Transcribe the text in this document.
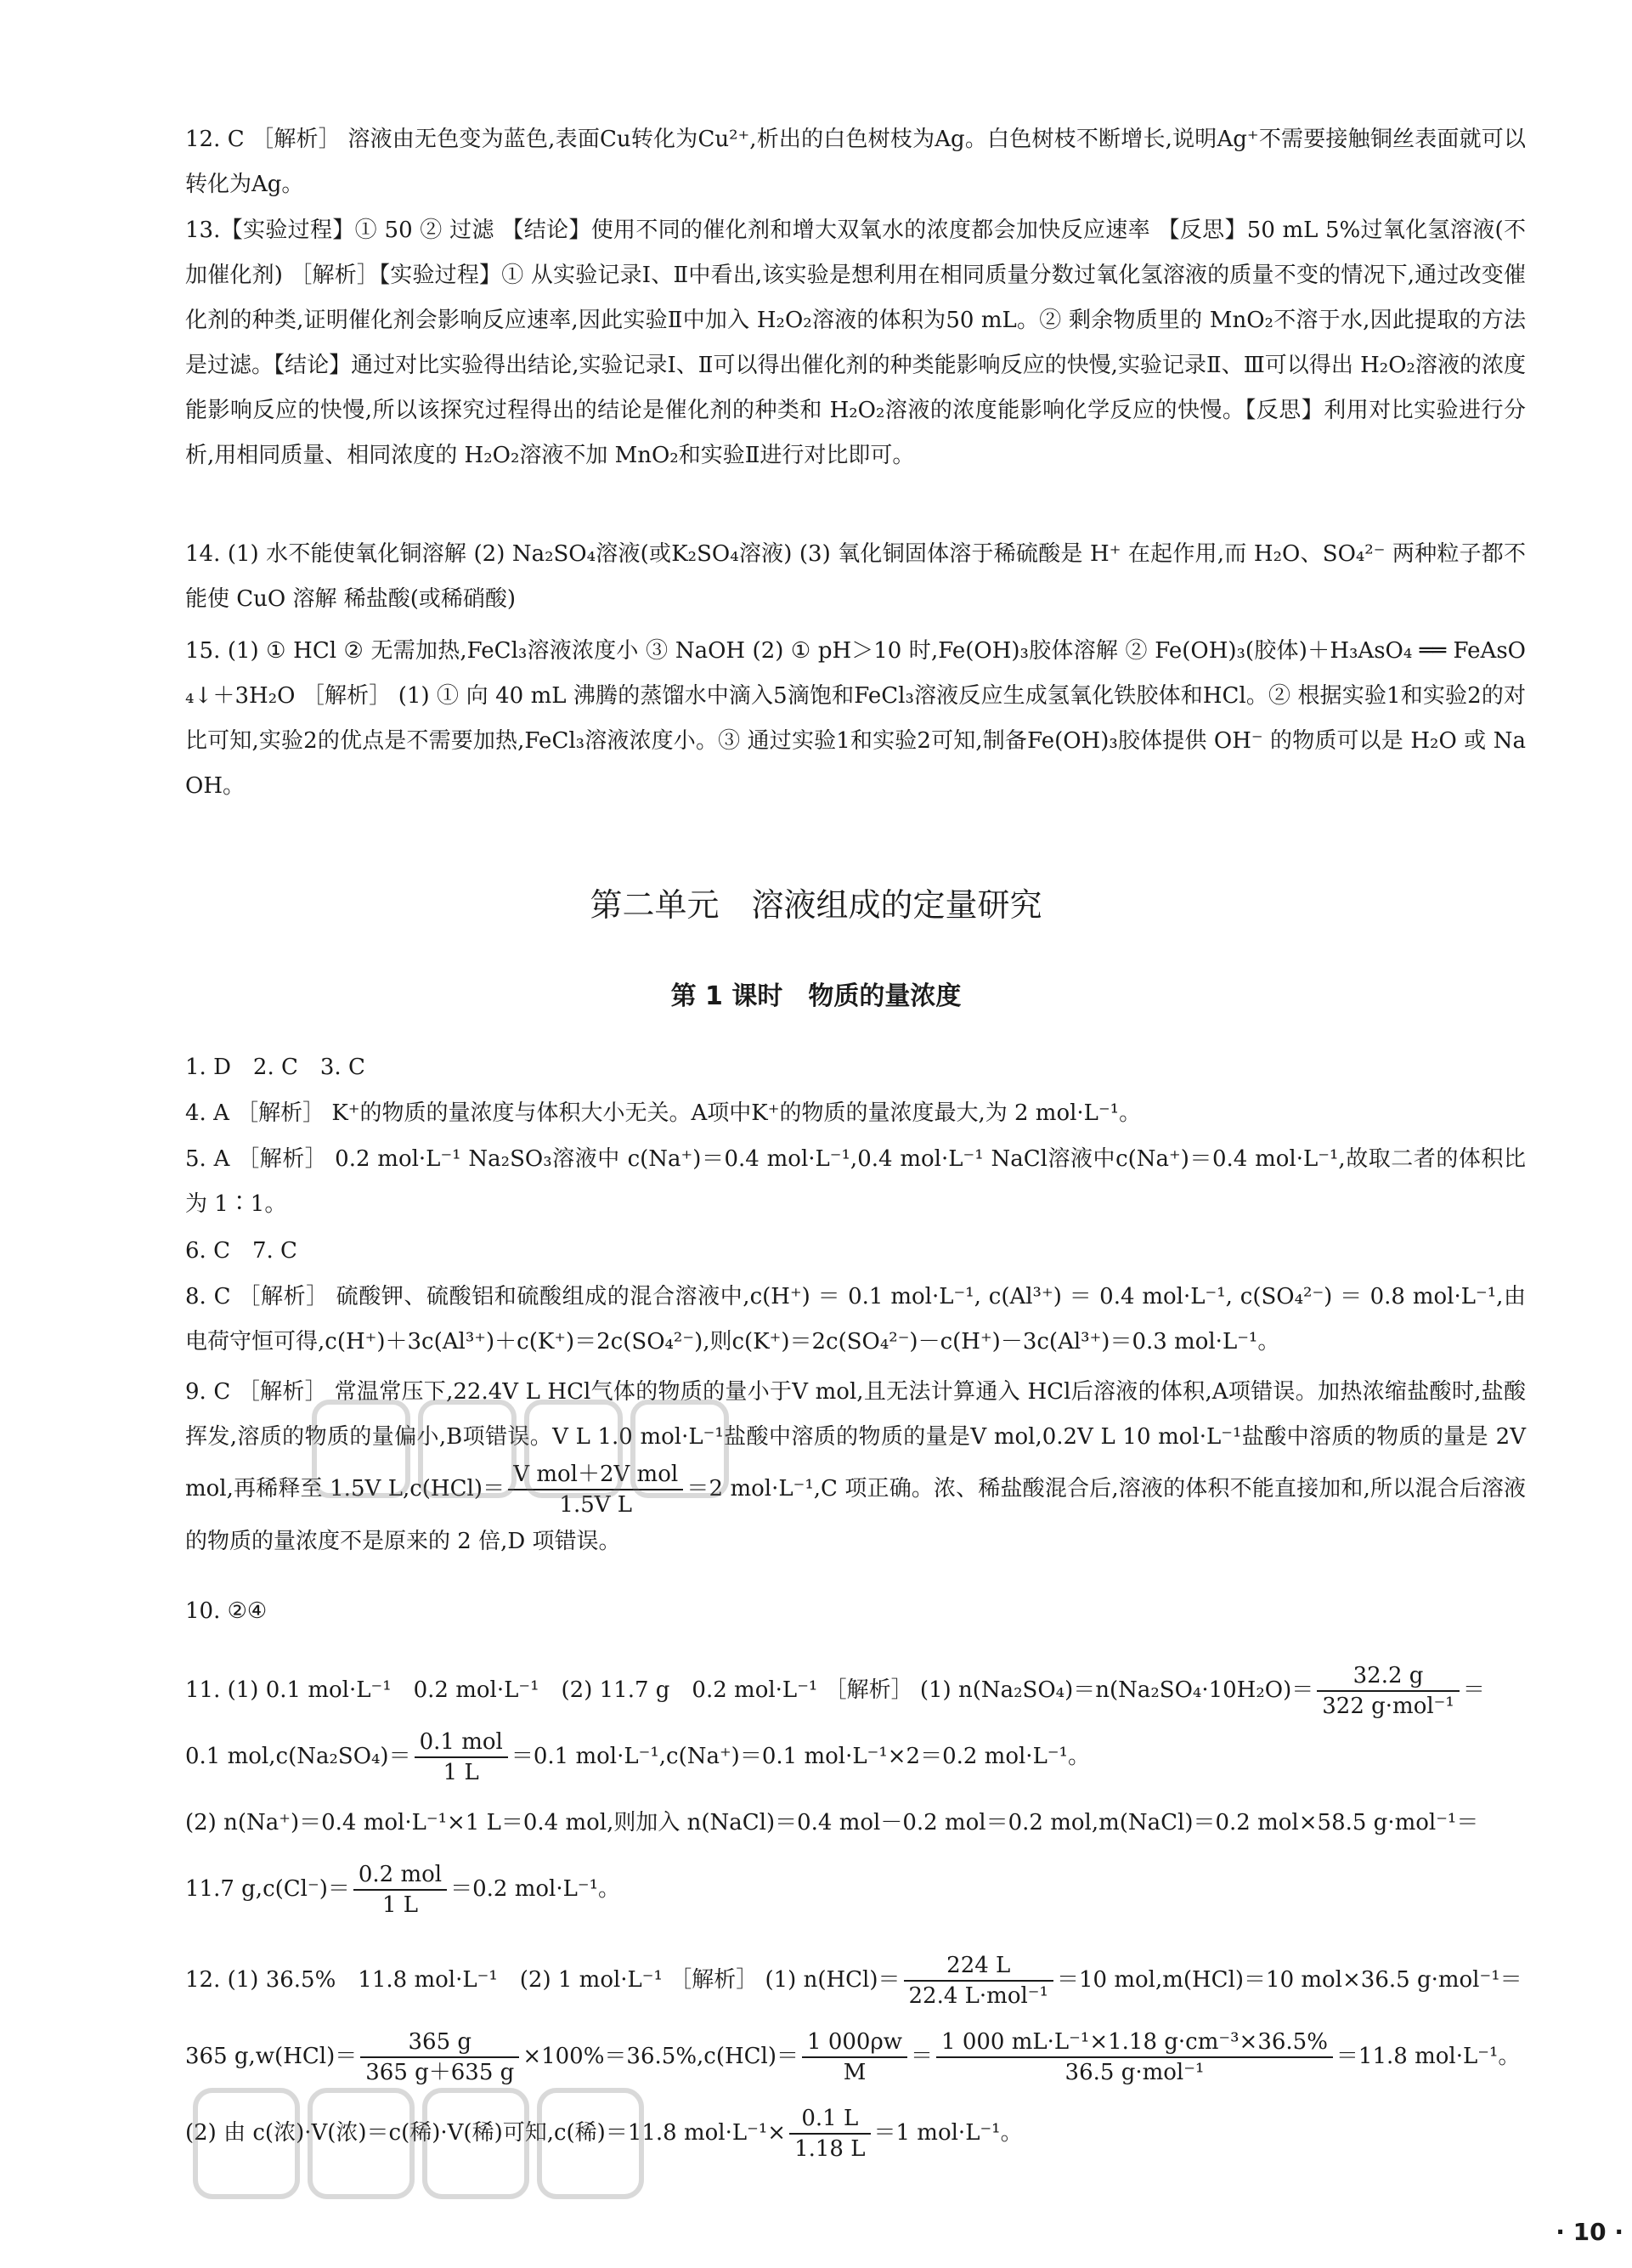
12. C ［解析］ 溶液由无色变为蓝色,表面Cu转化为Cu²⁺,析出的白色树枝为Ag。白色树枝不断增长,说明Ag⁺不需要接触铜丝表面就可以转化为Ag。
13.【实验过程】① 50 ② 过滤 【结论】使用不同的催化剂和增大双氧水的浓度都会加快反应速率 【反思】50 mL 5%过氧化氢溶液(不加催化剂) ［解析］【实验过程】① 从实验记录Ⅰ、Ⅱ中看出,该实验是想利用在相同质量分数过氧化氢溶液的质量不变的情况下,通过改变催化剂的种类,证明催化剂会影响反应速率,因此实验Ⅱ中加入 H₂O₂溶液的体积为50 mL。② 剩余物质里的 MnO₂不溶于水,因此提取的方法是过滤。【结论】通过对比实验得出结论,实验记录Ⅰ、Ⅱ可以得出催化剂的种类能影响反应的快慢,实验记录Ⅱ、Ⅲ可以得出 H₂O₂溶液的浓度能影响反应的快慢,所以该探究过程得出的结论是催化剂的种类和 H₂O₂溶液的浓度能影响化学反应的快慢。【反思】利用对比实验进行分析,用相同质量、相同浓度的 H₂O₂溶液不加 MnO₂和实验Ⅱ进行对比即可。
14. (1) 水不能使氧化铜溶解 (2) Na₂SO₄溶液(或K₂SO₄溶液) (3) 氧化铜固体溶于稀硫酸是 H⁺ 在起作用,而 H₂O、SO₄²⁻ 两种粒子都不能使 CuO 溶解 稀盐酸(或稀硝酸)
15. (1) ① HCl ② 无需加热,FeCl₃溶液浓度小 ③ NaOH (2) ① pH＞10 时,Fe(OH)₃胶体溶解 ② Fe(OH)₃(胶体)＋H₃AsO₄ ══ FeAsO₄↓＋3H₂O ［解析］ (1) ① 向 40 mL 沸腾的蒸馏水中滴入5滴饱和FeCl₃溶液反应生成氢氧化铁胶体和HCl。② 根据实验1和实验2的对比可知,实验2的优点是不需要加热,FeCl₃溶液浓度小。③ 通过实验1和实验2可知,制备Fe(OH)₃胶体提供 OH⁻ 的物质可以是 H₂O 或 NaOH。
第二单元　溶液组成的定量研究
第 1 课时　物质的量浓度
1. D　2. C　3. C
4. A ［解析］ K⁺的物质的量浓度与体积大小无关。A项中K⁺的物质的量浓度最大,为 2 mol·L⁻¹。
5. A ［解析］ 0.2 mol·L⁻¹ Na₂SO₃溶液中 c(Na⁺)＝0.4 mol·L⁻¹,0.4 mol·L⁻¹ NaCl溶液中c(Na⁺)＝0.4 mol·L⁻¹,故取二者的体积比为 1∶1。
6. C　7. C
8. C ［解析］ 硫酸钾、硫酸铝和硫酸组成的混合溶液中,c(H⁺) ＝ 0.1 mol·L⁻¹, c(Al³⁺) ＝ 0.4 mol·L⁻¹, c(SO₄²⁻) ＝ 0.8 mol·L⁻¹,由电荷守恒可得,c(H⁺)＋3c(Al³⁺)＋c(K⁺)＝2c(SO₄²⁻),则c(K⁺)＝2c(SO₄²⁻)－c(H⁺)－3c(Al³⁺)＝0.3 mol·L⁻¹。
9. C ［解析］ 常温常压下,22.4V L HCl气体的物质的量小于V mol,且无法计算通入 HCl后溶液的体积,A项错误。加热浓缩盐酸时,盐酸挥发,溶质的物质的量偏小,B项错误。V L 1.0 mol·L⁻¹盐酸中溶质的物质的量是V mol,0.2V L 10 mol·L⁻¹盐酸中溶质的物质的量是 2V mol,再稀释至 1.5V $L,c(HCl)= \frac{\text{V mol＋2V mol}}{\text{1.5V L}} =2$ mol·L⁻¹,C 项正确。浓、稀盐酸混合后,溶液的体积不能直接加和,所以混合后溶液的物质的量浓度不是原来的 2 倍,D 项错误。
10. ②④
11. (1) 0.1 mol·L⁻¹　0.2 mol·L⁻¹　(2) 11.7 g　0.2 mol·L⁻¹ ［解析］ (1) $n(Na_2SO_4)=n(Na_2SO_4\cdot 10H_2O)= \frac{32.2 g}{\text{322 g·mol⁻¹}}$ ＝
0.1 $mol,c(Na_2SO_4)= \frac{\text{0.1 mol}}{1 L} =0.1$ mol·L⁻¹,c(Na⁺)＝0.1 mol·L⁻¹×2＝0.2 mol·L⁻¹。
(2) n(Na⁺)＝0.4 mol·L⁻¹×1 L＝0.4 mol,则加入 n(NaCl)＝0.4 mol－0.2 mol＝0.2 mol,m(NaCl)＝0.2 mol×58.5 g·mol⁻¹＝
11.7 $g,c(Cl^-)= \frac{\text{0.2 mol}}{1 L} =0.2$ mol·L⁻¹。
12. (1) 36.5%　11.8 mol·L⁻¹　(2) 1 mol·L⁻¹ ［解析］ (1) $n(HCl)= \frac{224 L}{\text{22.4 L·mol⁻¹}} =10$ mol,m(HCl)＝10 mol×36.5 g·mol⁻¹＝
365 $g,w(HCl)= \frac{365 g}{365 g+635 g} \times 100\%=36.5\%,c(HCl)= \frac{1 000\rho w}{M} = \frac{\text{1 000 mL·L⁻¹×1.18 g·cm⁻³×36.5\%}}{\text{36.5 g·mol⁻¹}} =11.8$ mol·L⁻¹。
(2) 由 c(浓)·V(浓)＝c(稀)·V(稀)可知,c(稀)＝11.8 $mol\cdot L^{-1}\times \frac{0.1 L}{1.18 L} =1$ mol·L⁻¹。
· 10 ·
